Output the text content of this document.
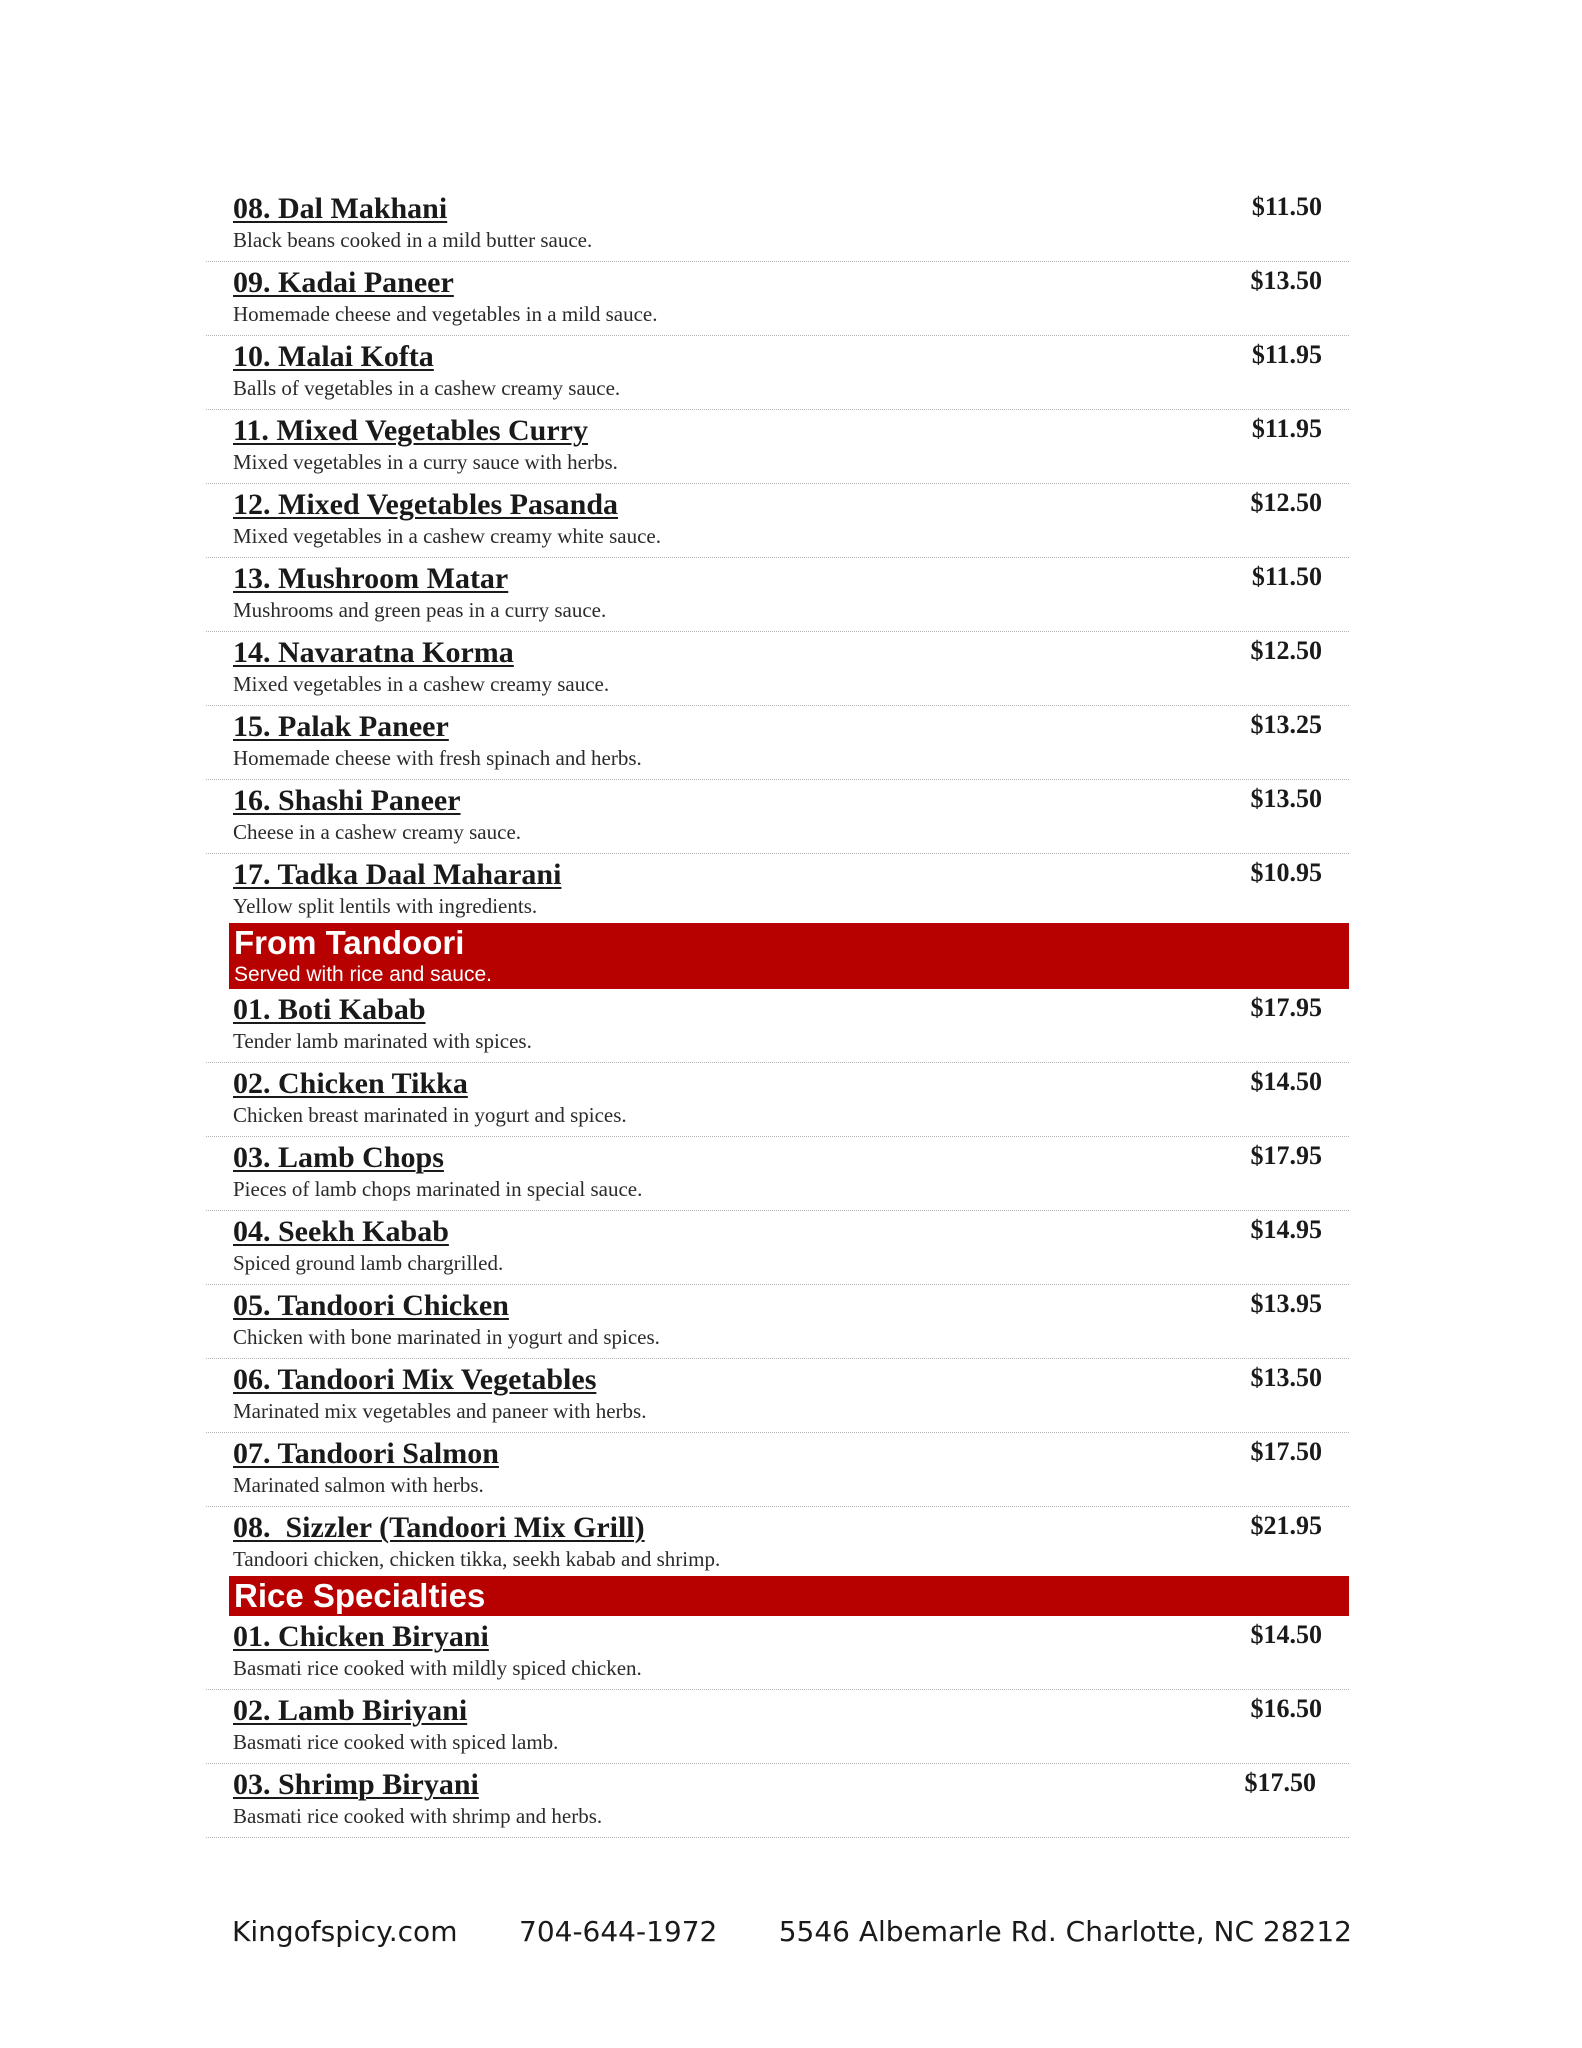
08. Dal Makhani
Black beans cooked in a mild butter sauce.
$11.50
09. Kadai Paneer
Homemade cheese and vegetables in a mild sauce.
$13.50
10. Malai Kofta
Balls of vegetables in a cashew creamy sauce.
$11.95
11. Mixed Vegetables Curry
Mixed vegetables in a curry sauce with herbs.
$11.95
12. Mixed Vegetables Pasanda
Mixed vegetables in a cashew creamy white sauce.
$12.50
13. Mushroom Matar
Mushrooms and green peas in a curry sauce.
$11.50
14. Navaratna Korma
Mixed vegetables in a cashew creamy sauce.
$12.50
15. Palak Paneer
Homemade cheese with fresh spinach and herbs.
$13.25
16. Shashi Paneer
Cheese in a cashew creamy sauce.
$13.50
17. Tadka Daal Maharani
Yellow split lentils with ingredients.
$10.95
From Tandoori
Served with rice and sauce.
01. Boti Kabab
Tender lamb marinated with spices.
$17.95
02. Chicken Tikka
Chicken breast marinated in yogurt and spices.
$14.50
03. Lamb Chops
Pieces of lamb chops marinated in special sauce.
$17.95
04. Seekh Kabab
Spiced ground lamb chargrilled.
$14.95
05. Tandoori Chicken
Chicken with bone marinated in yogurt and spices.
$13.95
06. Tandoori Mix Vegetables
Marinated mix vegetables and paneer with herbs.
$13.50
07. Tandoori Salmon
Marinated salmon with herbs.
$17.50
08.  Sizzler (Tandoori Mix Grill)
Tandoori chicken, chicken tikka, seekh kabab and shrimp.
$21.95
Rice Specialties
01. Chicken Biryani
Basmati rice cooked with mildly spiced chicken.
$14.50
02. Lamb Biriyani
Basmati rice cooked with spiced lamb.
$16.50
03. Shrimp Biryani
Basmati rice cooked with shrimp and herbs.
$17.50
Kingofspicy.com 704-644-1972 5546 Albemarle Rd. Charlotte, NC 28212
